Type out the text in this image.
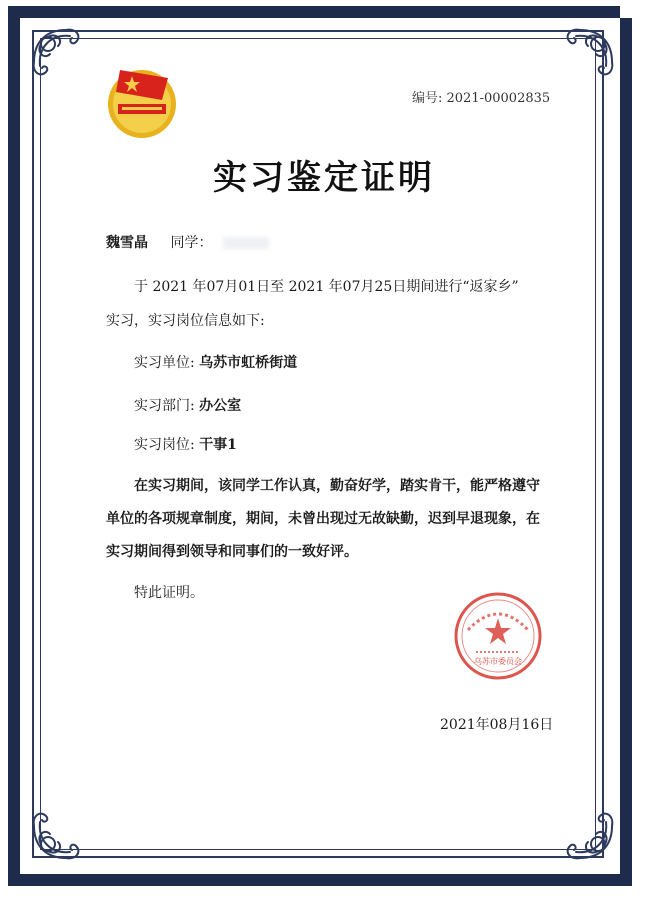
编号: 2021-00002835
实习鉴定证明
魏雪晶 同学：
于 2021 年07月01日至 2021 年07月25日期间进行“返家乡”
实习，实习岗位信息如下:
实习单位: 乌苏市虹桥街道
实习部门: 办公室
实习岗位: 干事1
在实习期间，该同学工作认真，勤奋好学，踏实肯干，能严格遵守单位的各项规章制度，期间，未曾出现过无故缺勤，迟到早退现象，在实习期间得到领导和同事们的一致好评。
特此证明。
乌苏市委员会
2021年08月16日
